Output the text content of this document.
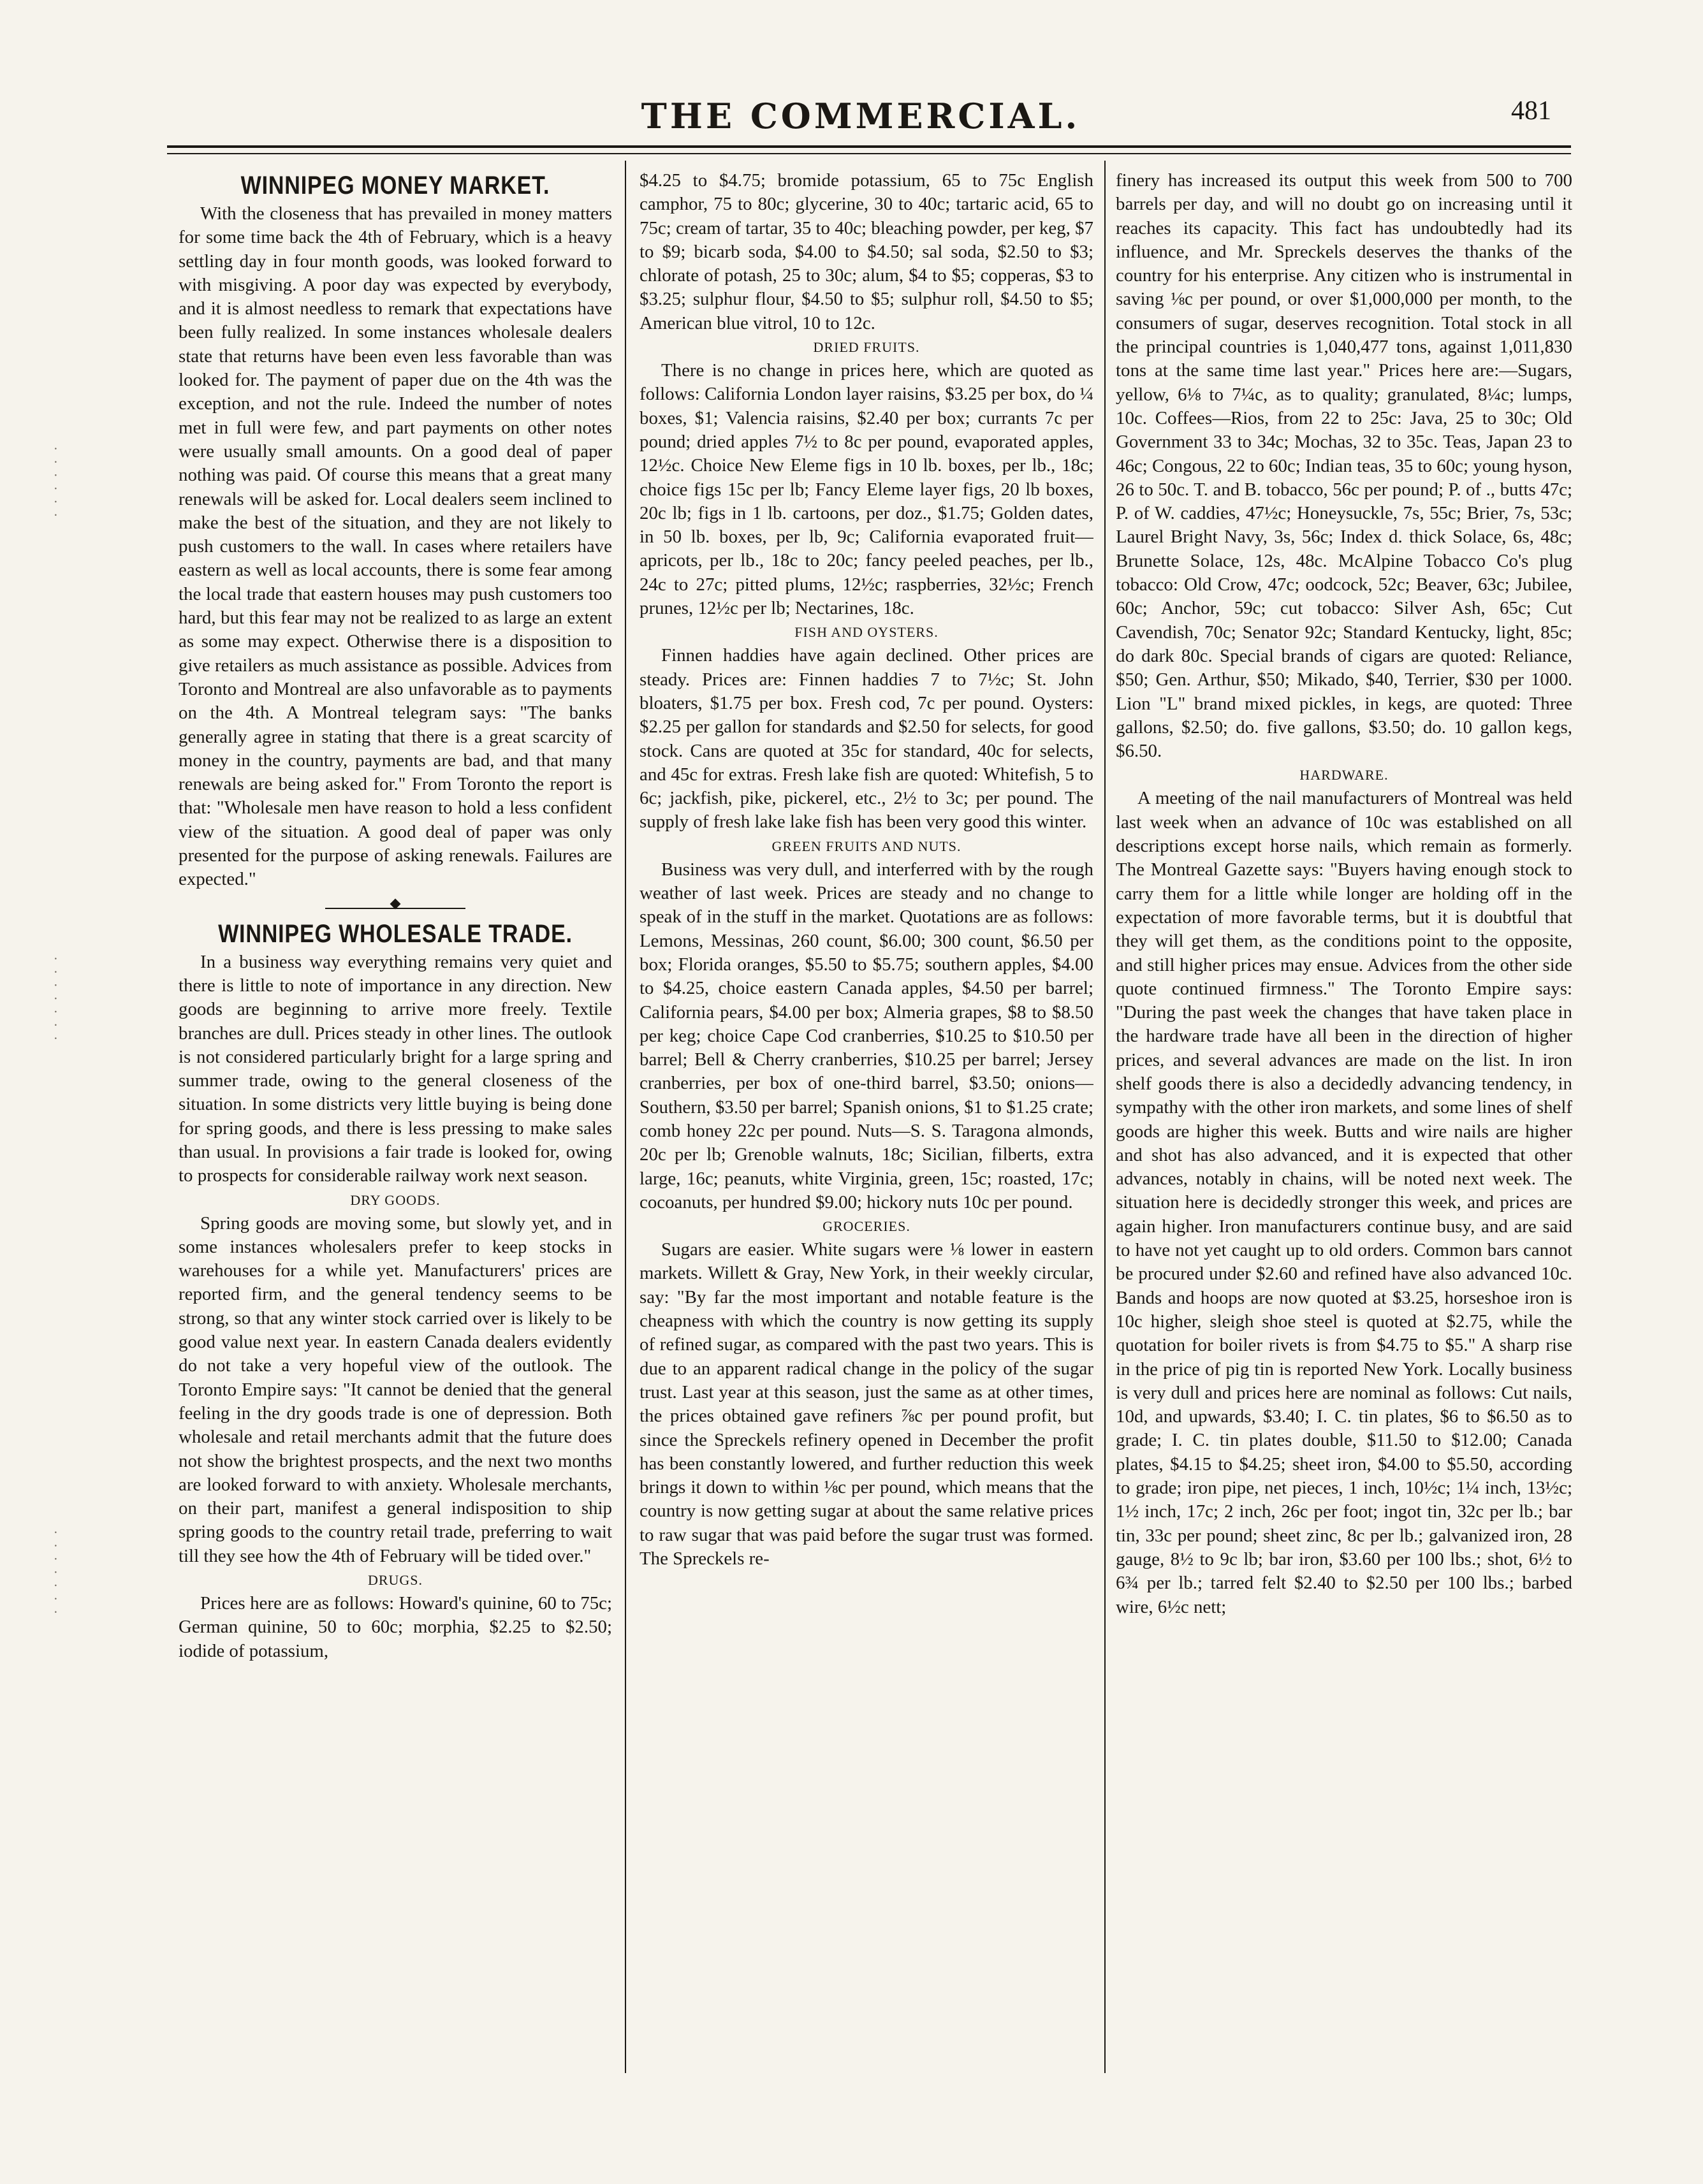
THE COMMERCIAL.	481
WINNIPEG MONEY MARKET.

With the closeness that has prevailed in money matters for some time back the 4th of February, which is a heavy settling day in four month goods, was looked forward to with misgiving. A poor day was expected by everybody, and it is almost needless to remark that expectations have been fully realized. In some instances wholesale dealers state that returns have been even less favorable than was looked for. The payment of paper due on the 4th was the exception, and not the rule. Indeed the number of notes met in full were few, and part payments on other notes were usually small amounts. On a good deal of paper nothing was paid. Of course this means that a great many renewals will be asked for. Local dealers seem inclined to make the best of the situation, and they are not likely to push customers to the wall. In cases where retailers have eastern as well as local accounts, there is some fear among the local trade that eastern houses may push customers too hard, but this fear may not be realized to as large an extent as some may expect. Otherwise there is a disposition to give retailers as much assistance as possible. Advices from Toronto and Montreal are also unfavorable as to payments on the 4th. A Montreal telegram says: "The banks generally agree in stating that there is a great scarcity of money in the country, payments are bad, and that many renewals are being asked for." From Toronto the report is that: "Wholesale men have reason to hold a less confident view of the situation. A good deal of paper was only presented for the purpose of asking renewals. Failures are expected."

WINNIPEG WHOLESALE TRADE.

In a business way everything remains very quiet and there is little to note of importance in any direction. New goods are beginning to arrive more freely. Textile branches are dull. Prices steady in other lines. The outlook is not considered particularly bright for a large spring and summer trade, owing to the general closeness of the situation. In some districts very little buying is being done for spring goods, and there is less pressing to make sales than usual. In provisions a fair trade is looked for, owing to prospects for considerable railway work next season.

DRY GOODS.

Spring goods are moving some, but slowly yet, and in some instances wholesalers prefer to keep stocks in warehouses for a while yet. Manufacturers' prices are reported firm, and the general tendency seems to be strong, so that any winter stock carried over is likely to be good value next year. In eastern Canada dealers evidently do not take a very hopeful view of the outlook. The Toronto Empire says: "It cannot be denied that the general feeling in the dry goods trade is one of depression. Both wholesale and retail merchants admit that the future does not show the brightest prospects, and the next two months are looked forward to with anxiety. Wholesale merchants, on their part, manifest a general indisposition to ship spring goods to the country retail trade, preferring to wait till they see how the 4th of February will be tided over."

DRUGS.

Prices here are as follows: Howard's quinine, 60 to 75c; German quinine, 50 to 60c; morphia, $2.25 to $2.50; iodide of potassium,

$4.25 to $4.75; bromide potassium, 65 to 75c English camphor, 75 to 80c; glycerine, 30 to 40c; tartaric acid, 65 to 75c; cream of tartar, 35 to 40c; bleaching powder, per keg, $7 to $9; bicarb soda, $4.00 to $4.50; sal soda, $2.50 to $3; chlorate of potash, 25 to 30c; alum, $4 to $5; copperas, $3 to $3.25; sulphur flour, $4.50 to $5; sulphur roll, $4.50 to $5; American blue vitrol, 10 to 12c.

DRIED FRUITS.

There is no change in prices here, which are quoted as follows: California London layer raisins, $3.25 per box, do ¼ boxes, $1; Valencia raisins, $2.40 per box; currants 7c per pound; dried apples 7½ to 8c per pound, evaporated apples, 12½c. Choice New Eleme figs in 10 lb. boxes, per lb., 18c; choice figs 15c per lb; Fancy Eleme layer figs, 20 lb boxes, 20c lb; figs in 1 lb. cartoons, per doz., $1.75; Golden dates, in 50 lb. boxes, per lb, 9c; California evaporated fruit—apricots, per lb., 18c to 20c; fancy peeled peaches, per lb., 24c to 27c; pitted plums, 12½c; raspberries, 32½c; French prunes, 12½c per lb; Nectarines, 18c.

FISH AND OYSTERS.

Finnen haddies have again declined. Other prices are steady. Prices are: Finnen haddies 7 to 7½c; St. John bloaters, $1.75 per box. Fresh cod, 7c per pound. Oysters: $2.25 per gallon for standards and $2.50 for selects, for good stock. Cans are quoted at 35c for standard, 40c for selects, and 45c for extras. Fresh lake fish are quoted: Whitefish, 5 to 6c; jackfish, pike, pickerel, etc., 2½ to 3c; per pound. The supply of fresh lake lake fish has been very good this winter.

GREEN FRUITS AND NUTS.

Business was very dull, and interferred with by the rough weather of last week. Prices are steady and no change to speak of in the stuff in the market. Quotations are as follows: Lemons, Messinas, 260 count, $6.00; 300 count, $6.50 per box; Florida oranges, $5.50 to $5.75; southern apples, $4.00 to $4.25, choice eastern Canada apples, $4.50 per barrel; California pears, $4.00 per box; Almeria grapes, $8 to $8.50 per keg; choice Cape Cod cranberries, $10.25 to $10.50 per barrel; Bell & Cherry cranberries, $10.25 per barrel; Jersey cranberries, per box of one-third barrel, $3.50; onions—Southern, $3.50 per barrel; Spanish onions, $1 to $1.25 crate; comb honey 22c per pound. Nuts—S. S. Taragona almonds, 20c per lb; Grenoble walnuts, 18c; Sicilian, filberts, extra large, 16c; peanuts, white Virginia, green, 15c; roasted, 17c; cocoanuts, per hundred $9.00; hickory nuts 10c per pound.

GROCERIES.

Sugars are easier. White sugars were ⅛ lower in eastern markets. Willett & Gray, New York, in their weekly circular, say: "By far the most important and notable feature is the cheapness with which the country is now getting its supply of refined sugar, as compared with the past two years. This is due to an apparent radical change in the policy of the sugar trust. Last year at this season, just the same as at other times, the prices obtained gave refiners ⅞c per pound profit, but since the Spreckels refinery opened in December the profit has been constantly lowered, and further reduction this week brings it down to within ⅛c per pound, which means that the country is now getting sugar at about the same relative prices to raw sugar that was paid before the sugar trust was formed. The Spreckels re-

finery has increased its output this week from 500 to 700 barrels per day, and will no doubt go on increasing until it reaches its capacity. This fact has undoubtedly had its influence, and Mr. Spreckels deserves the thanks of the country for his enterprise. Any citizen who is instrumental in saving ⅛c per pound, or over $1,000,000 per month, to the consumers of sugar, deserves recognition. Total stock in all the principal countries is 1,040,477 tons, against 1,011,830 tons at the same time last year." Prices here are:—Sugars, yellow, 6⅛ to 7¼c, as to quality; granulated, 8¼c; lumps, 10c. Coffees—Rios, from 22 to 25c: Java, 25 to 30c; Old Government 33 to 34c; Mochas, 32 to 35c. Teas, Japan 23 to 46c; Congous, 22 to 60c; Indian teas, 35 to 60c; young hyson, 26 to 50c. T. and B. tobacco, 56c per pound; P. of ., butts 47c; P. of W. caddies, 47½c; Honeysuckle, 7s, 55c; Brier, 7s, 53c; Laurel Bright Navy, 3s, 56c; Index d. thick Solace, 6s, 48c; Brunette Solace, 12s, 48c. McAlpine Tobacco Co's plug tobacco: Old Crow, 47c; oodcock, 52c; Beaver, 63c; Jubilee, 60c; Anchor, 59c; cut tobacco: Silver Ash, 65c; Cut Cavendish, 70c; Senator 92c; Standard Kentucky, light, 85c; do dark 80c. Special brands of cigars are quoted: Reliance, $50; Gen. Arthur, $50; Mikado, $40, Terrier, $30 per 1000. Lion "L" brand mixed pickles, in kegs, are quoted: Three gallons, $2.50; do. five gallons, $3.50; do. 10 gallon kegs, $6.50.

HARDWARE.

A meeting of the nail manufacturers of Montreal was held last week when an advance of 10c was established on all descriptions except horse nails, which remain as formerly. The Montreal Gazette says: "Buyers having enough stock to carry them for a little while longer are holding off in the expectation of more favorable terms, but it is doubtful that they will get them, as the conditions point to the opposite, and still higher prices may ensue. Advices from the other side quote continued firmness." The Toronto Empire says: "During the past week the changes that have taken place in the hardware trade have all been in the direction of higher prices, and several advances are made on the list. In iron shelf goods there is also a decidedly advancing tendency, in sympathy with the other iron markets, and some lines of shelf goods are higher this week. Butts and wire nails are higher and shot has also advanced, and it is expected that other advances, notably in chains, will be noted next week. The situation here is decidedly stronger this week, and prices are again higher. Iron manufacturers continue busy, and are said to have not yet caught up to old orders. Common bars cannot be procured under $2.60 and refined have also advanced 10c. Bands and hoops are now quoted at $3.25, horseshoe iron is 10c higher, sleigh shoe steel is quoted at $2.75, while the quotation for boiler rivets is from $4.75 to $5." A sharp rise in the price of pig tin is reported New York. Locally business is very dull and prices here are nominal as follows: Cut nails, 10d, and upwards, $3.40; I. C. tin plates, $6 to $6.50 as to grade; I. C. tin plates double, $11.50 to $12.00; Canada plates, $4.15 to $4.25; sheet iron, $4.00 to $5.50, according to grade; iron pipe, net pieces, 1 inch, 10½c; 1¼ inch, 13½c; 1½ inch, 17c; 2 inch, 26c per foot; ingot tin, 32c per lb.; bar tin, 33c per pound; sheet zinc, 8c per lb.; galvanized iron, 28 gauge, 8½ to 9c lb; bar iron, $3.60 per 100 lbs.; shot, 6½ to 6¾ per lb.; tarred felt $2.40 to $2.50 per 100 lbs.; barbed wire, 6½c nett;

· · · · · ·
· · · · · · ·
· · · · · · ·
